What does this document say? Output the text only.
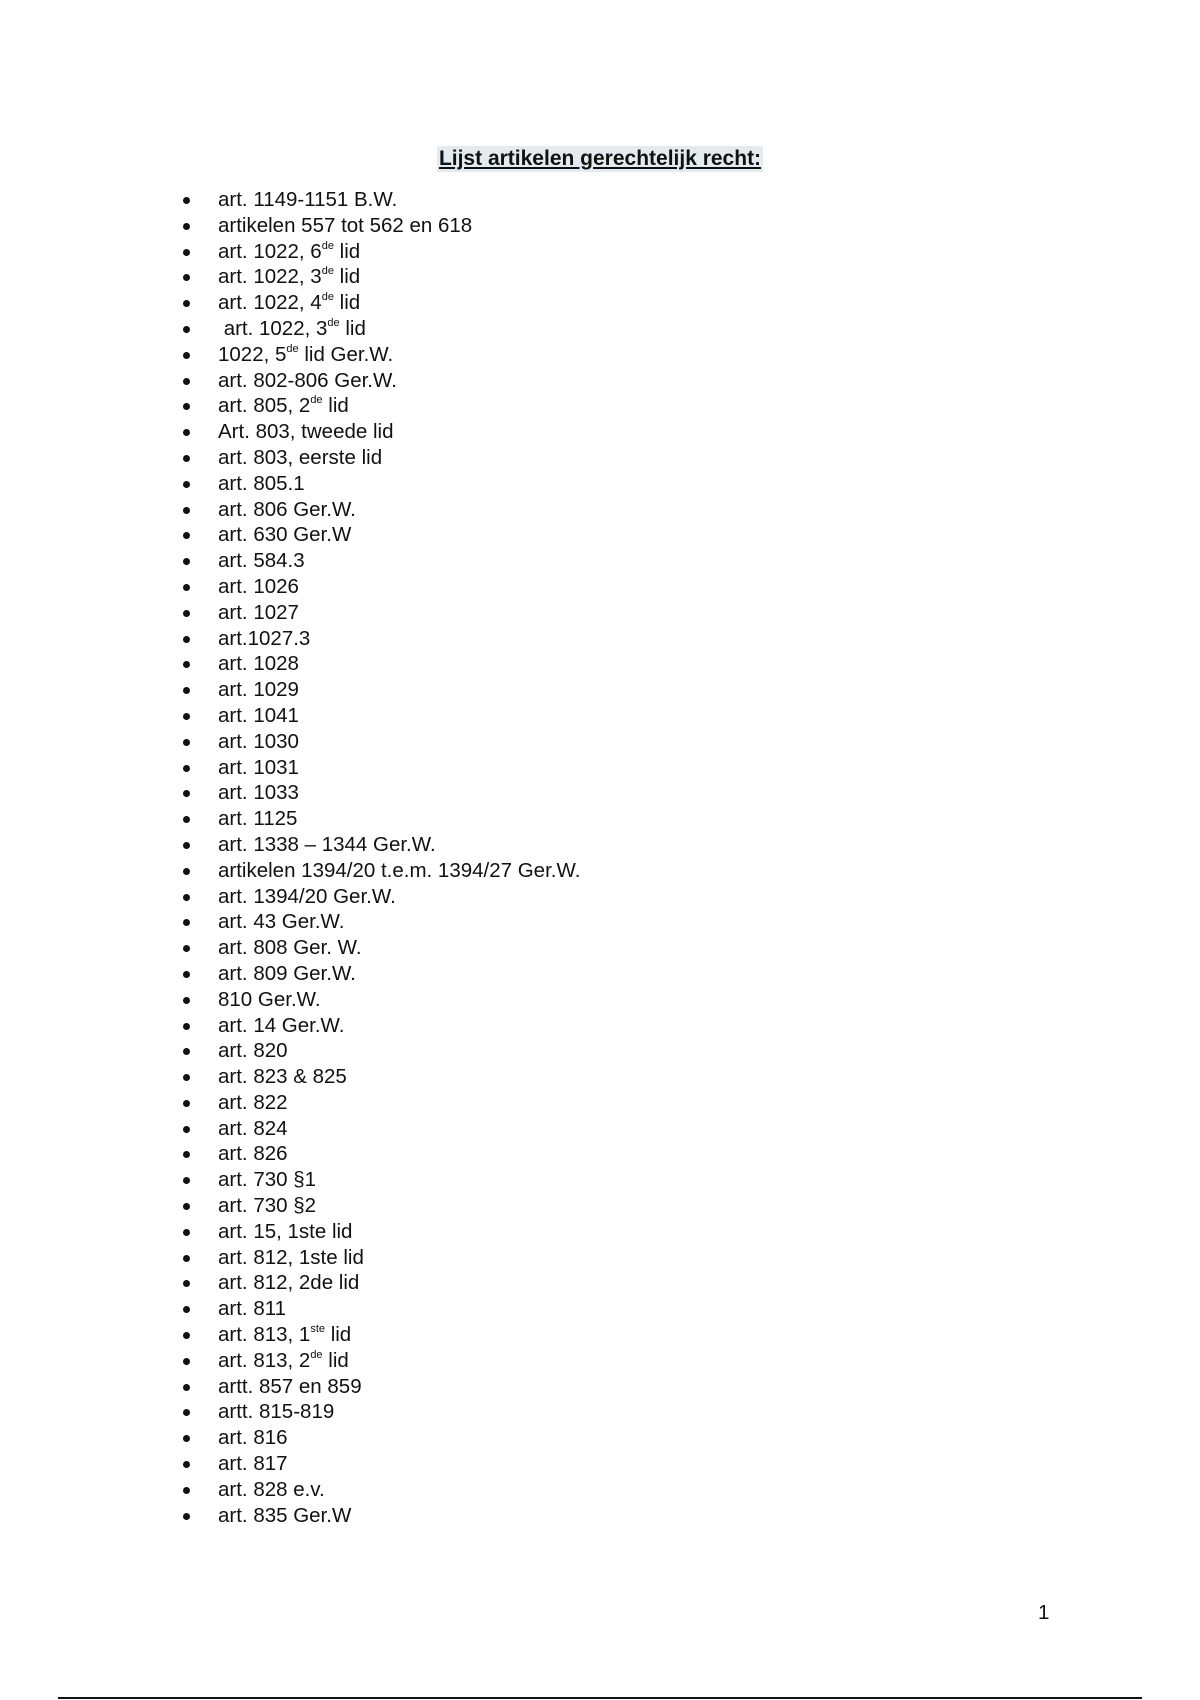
Lijst artikelen gerechtelijk recht:
art. 1149-1151 B.W.
artikelen 557 tot 562 en 618
art. 1022, 6de lid
art. 1022, 3de lid
art. 1022, 4de lid
art. 1022, 3de lid
1022, 5de lid Ger.W.
art. 802-806 Ger.W.
art. 805, 2de lid
Art. 803, tweede lid
art. 803, eerste lid
art. 805.1
art. 806 Ger.W.
art. 630 Ger.W
art. 584.3
art. 1026
art. 1027
art.1027.3
art. 1028
art. 1029
art. 1041
art. 1030
art. 1031
art. 1033
art. 1125
art. 1338 – 1344 Ger.W.
artikelen 1394/20 t.e.m. 1394/27 Ger.W.
art. 1394/20 Ger.W.
art. 43 Ger.W.
art. 808 Ger. W.
art. 809 Ger.W.
810 Ger.W.
art. 14 Ger.W.
art. 820
art. 823 & 825
art. 822
art. 824
art. 826
art. 730 §1
art. 730 §2
art. 15, 1ste lid
art. 812, 1ste lid
art. 812, 2de lid
art. 811
art. 813, 1ste lid
art. 813, 2de lid
artt. 857 en 859
artt. 815-819
art. 816
art. 817
art. 828 e.v.
art. 835 Ger.W
1
